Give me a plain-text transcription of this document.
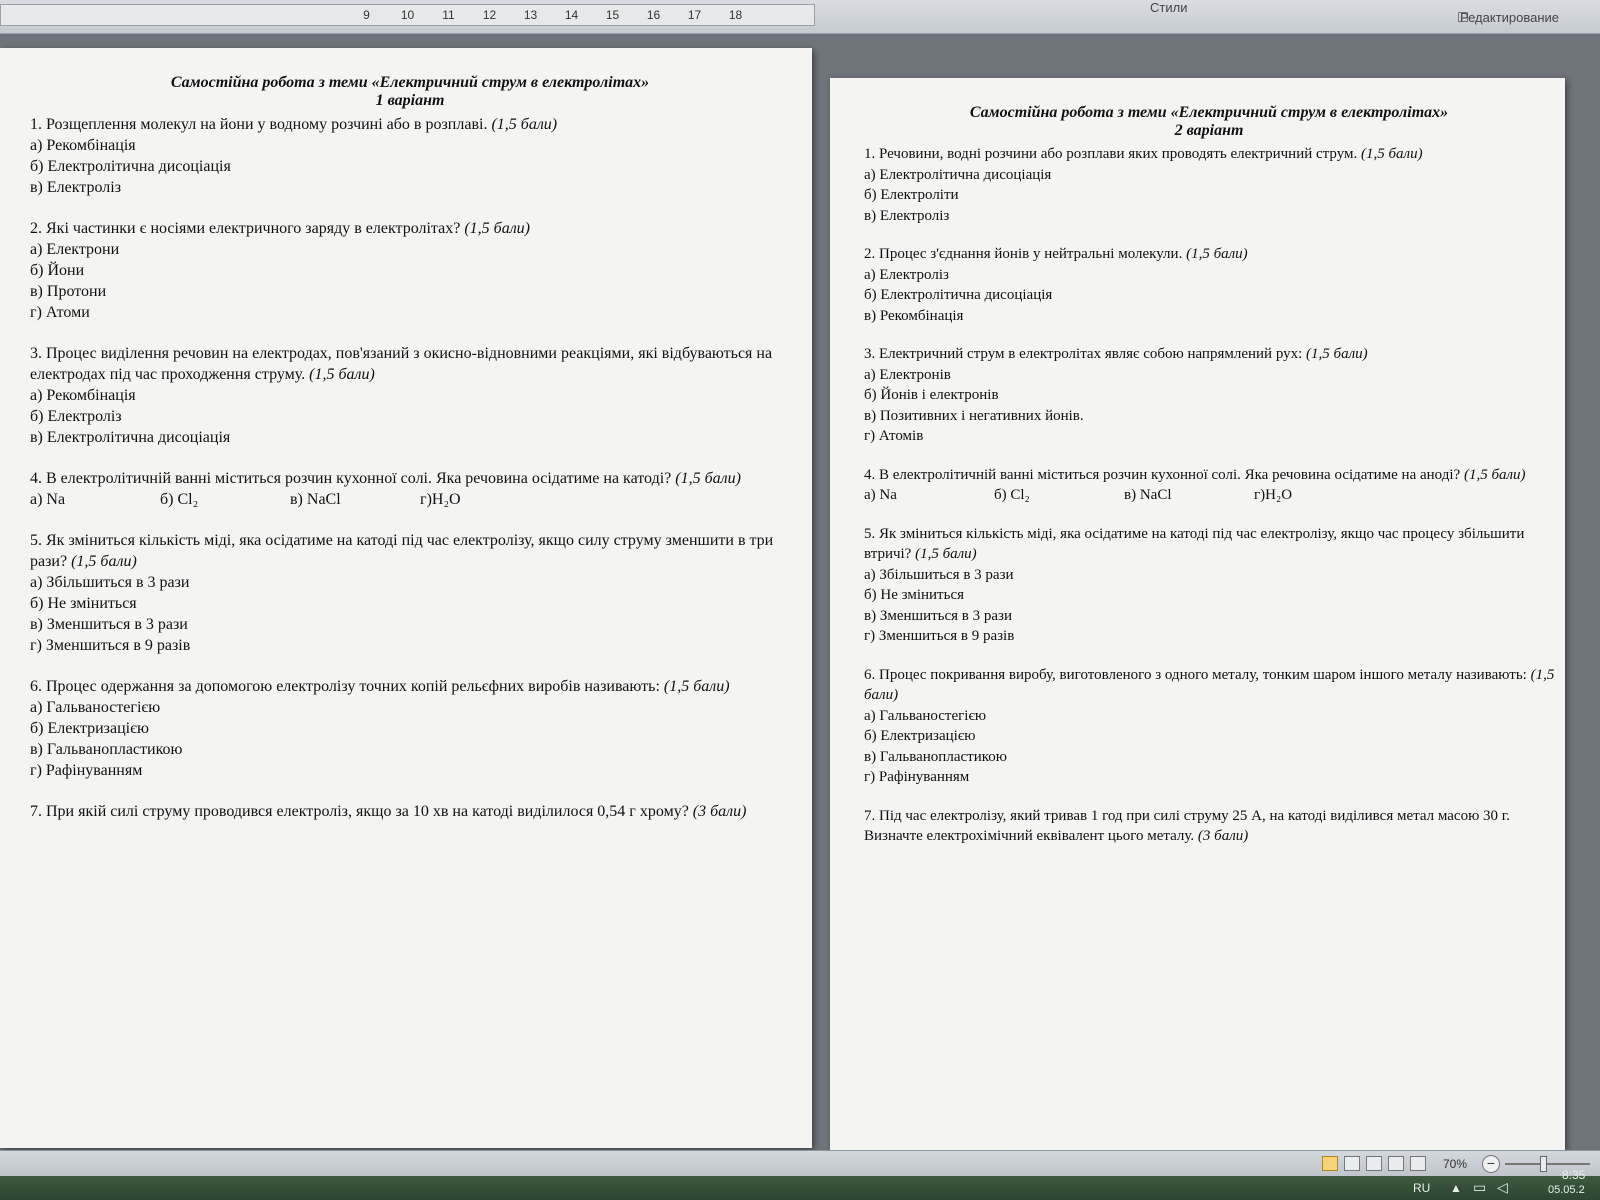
9	10	11	12	13	14	15	16	17	18	Стили
Редактирование
Самостійна робота з теми «Електричний струм в електролітах»
1 варіант
1. Розщеплення молекул на йони у водному розчині або в розплаві. (1,5 бали)
а) Рекомбінація
б) Електролітична дисоціація
в) Електроліз
2. Які частинки є носіями електричного заряду в електролітах? (1,5 бали)
а) Електрони
б) Йони
в) Протони
г) Атоми
3. Процес виділення речовин на електродах, пов'язаний з окисно-відновними реакціями, які відбуваються на електродах під час проходження струму. (1,5 бали)
а) Рекомбінація
б) Електроліз
в) Електролітична дисоціація
4. В електролітичній ванні міститься розчин кухонної солі. Яка речовина осідатиме на катоді? (1,5 бали)
а) Na	б) Cl₂	в) NaCl	г)H₂O
5. Як зміниться кількість міді, яка осідатиме на катоді під час електролізу, якщо силу струму зменшити в три рази? (1,5 бали)
а) Збільшиться в 3 рази
б) Не зміниться
в) Зменшиться в 3 рази
г) Зменшиться в 9 разів
6. Процес одержання за допомогою електролізу точних копій рельєфних виробів називають: (1,5 бали)
а) Гальваностегією
б) Електризацією
в) Гальванопластикою
г) Рафінуванням
7. При якій силі струму проводився електроліз, якщо за 10 хв на катоді виділилося 0,54 г хрому? (3 бали)
Самостійна робота з теми «Електричний струм в електролітах»
2 варіант
1. Речовини, водні розчини або розплави яких проводять електричний струм. (1,5 бали)
а) Електролітична дисоціація
б) Електроліти
в) Електроліз
2. Процес з'єднання йонів у нейтральні молекули. (1,5 бали)
а) Електроліз
б) Електролітична дисоціація
в) Рекомбінація
3. Електричний струм в електролітах являє собою напрямлений рух: (1,5 бали)
а) Електронів
б) Йонів і електронів
в) Позитивних і негативних йонів.
г) Атомів
4. В електролітичній ванні міститься розчин кухонної солі. Яка речовина осідатиме на аноді? (1,5 бали)
а) Na	б) Cl₂	в) NaCl	г)H₂O
5. Як зміниться кількість міді, яка осідатиме на катоді під час електролізу, якщо час процесу збільшити втричі? (1,5 бали)
а) Збільшиться в 3 рази
б) Не зміниться
в) Зменшиться в 3 рази
г) Зменшиться в 9 разів
6. Процес покривання виробу, виготовленого з одного металу, тонким шаром іншого металу називають: (1,5 бали)
а) Гальваностегією
б) Електризацією
в) Гальванопластикою
г) Рафінуванням
7. Під час електролізу, який тривав 1 год при силі струму 25 А, на катоді виділився метал масою 30 г. Визначте електрохімічний еквівалент цього металу. (3 бали)
70%	−
RU ▲ ▭ ◁
8:35
05.05.2
